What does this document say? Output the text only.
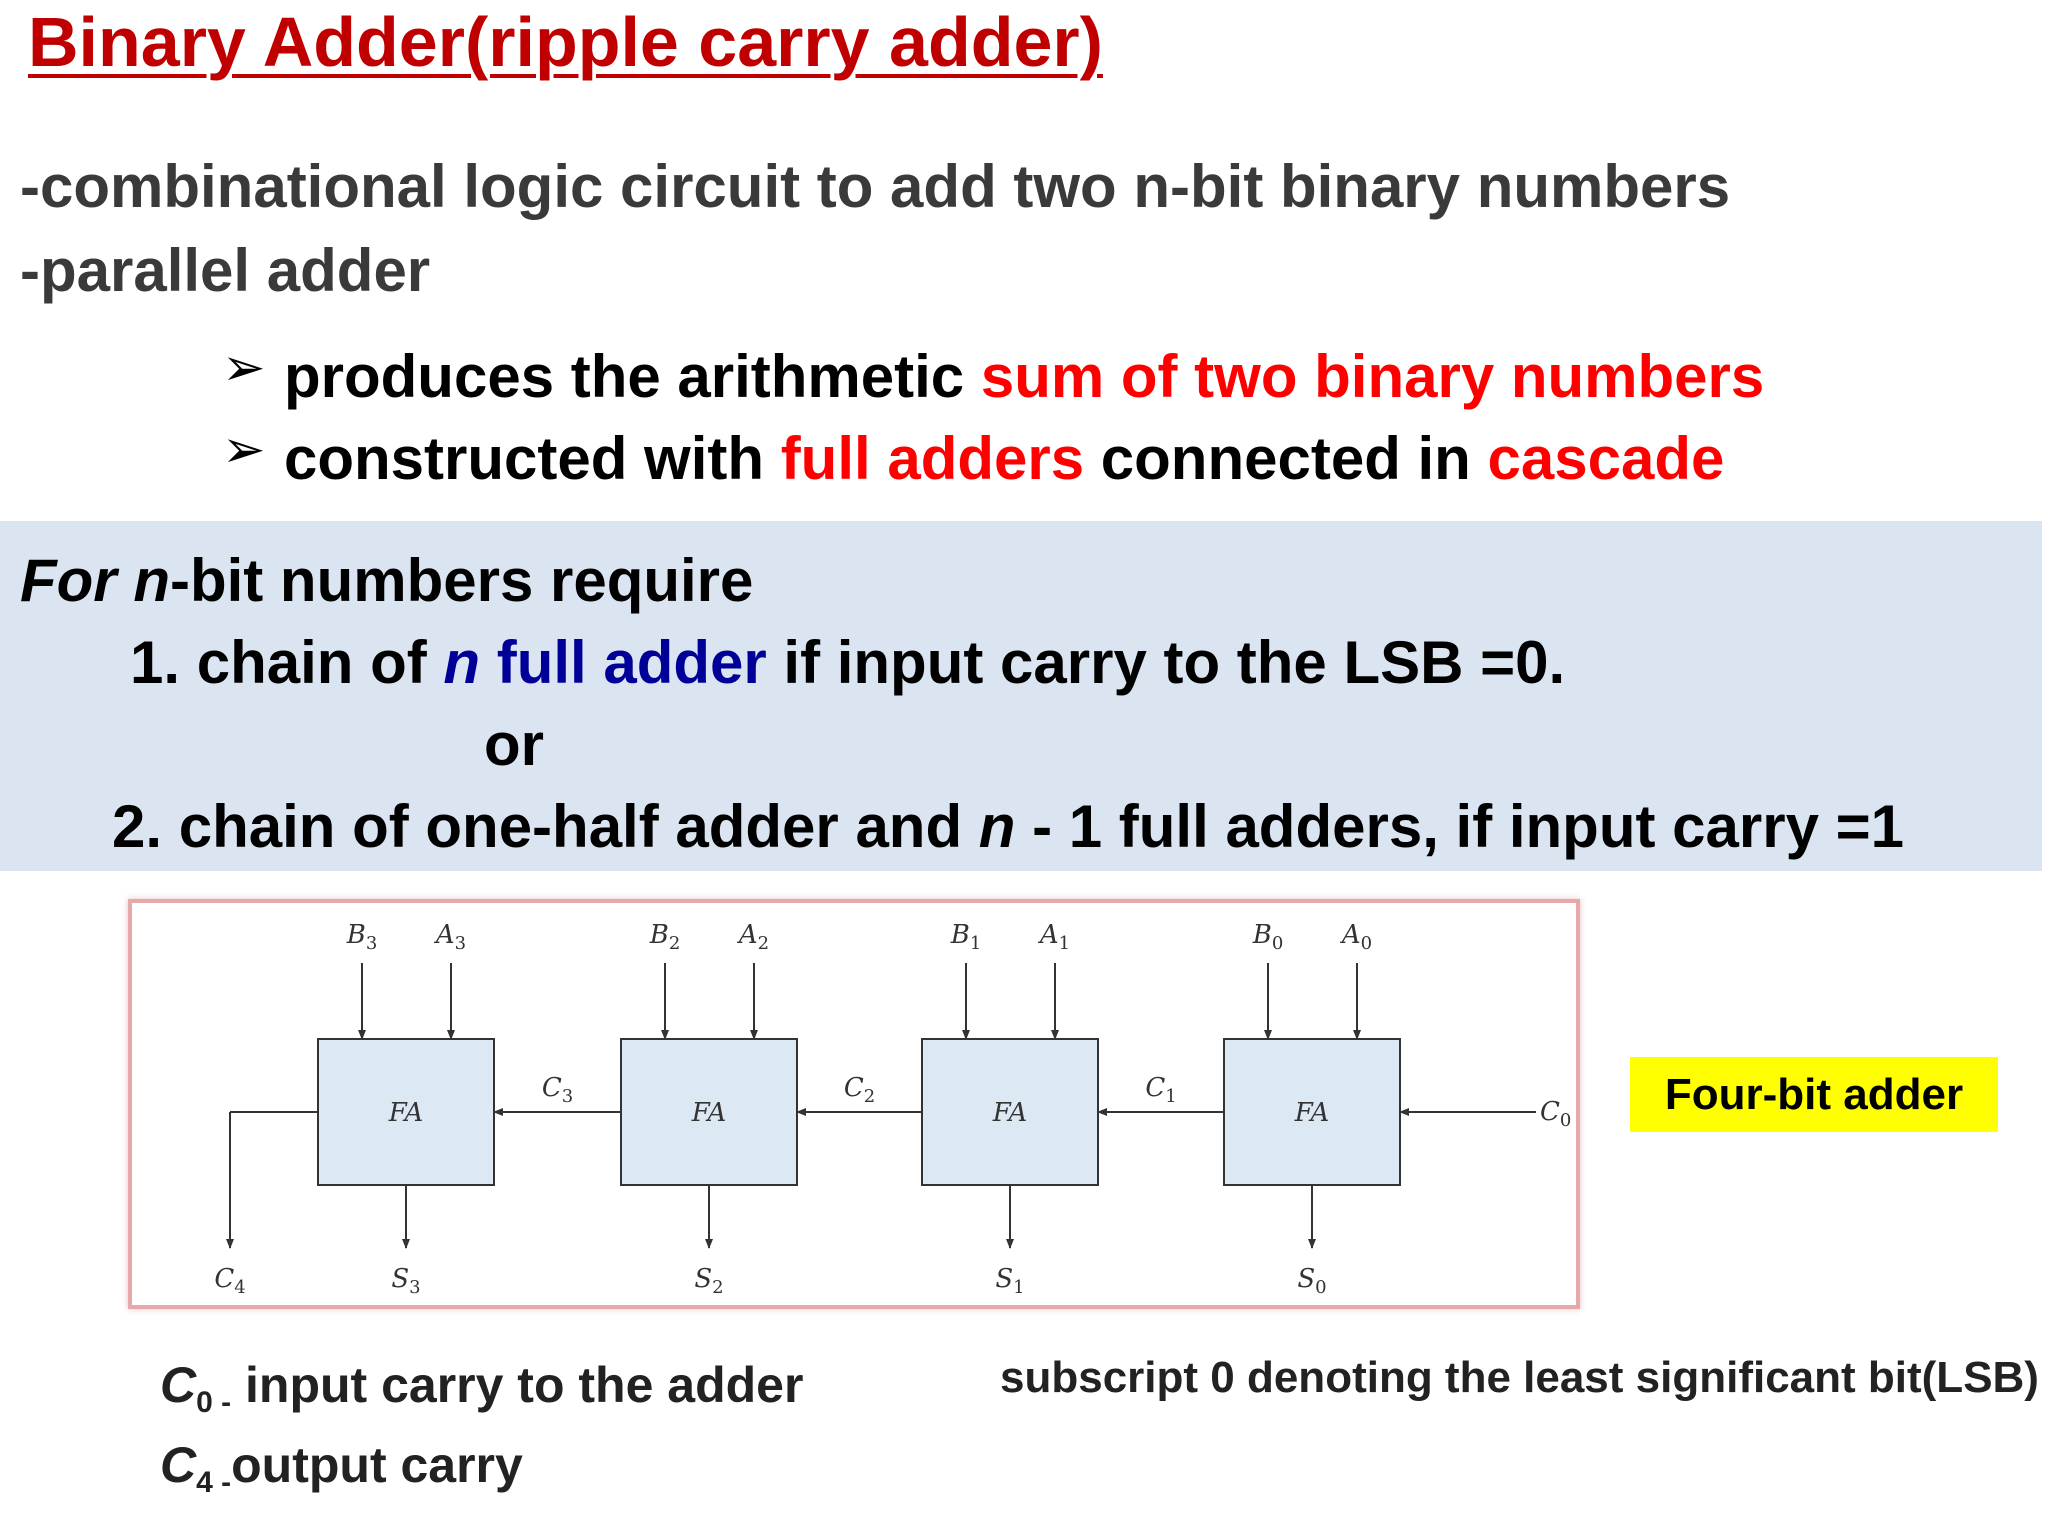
Binary Adder(ripple carry adder)
-combinational logic circuit to add two n-bit binary numbers
-parallel adder
➢ produces the arithmetic sum of two binary numbers
➢ constructed with full adders connected in cascade
For n-bit numbers require
1. chain of n full adder if input carry to the LSB =0.
or
2. chain of one-half adder and n - 1 full adders, if input carry =1
FA
$B_3$ $A_3$
$S_3$
FA
$B_2$ $A_2$
$S_2$
FA
$B_1$ $A_1$
$S_1$
FA
$B_0$ $A_0$
$S_0$
$C_3$	$C_2$	$C_1$
$C_0$
$C_4$
Four-bit adder
$C_{0 -}$ input carry to the adder
$C_{4 -}output$ carry
subscript 0 denoting the least significant bit(LSB)
